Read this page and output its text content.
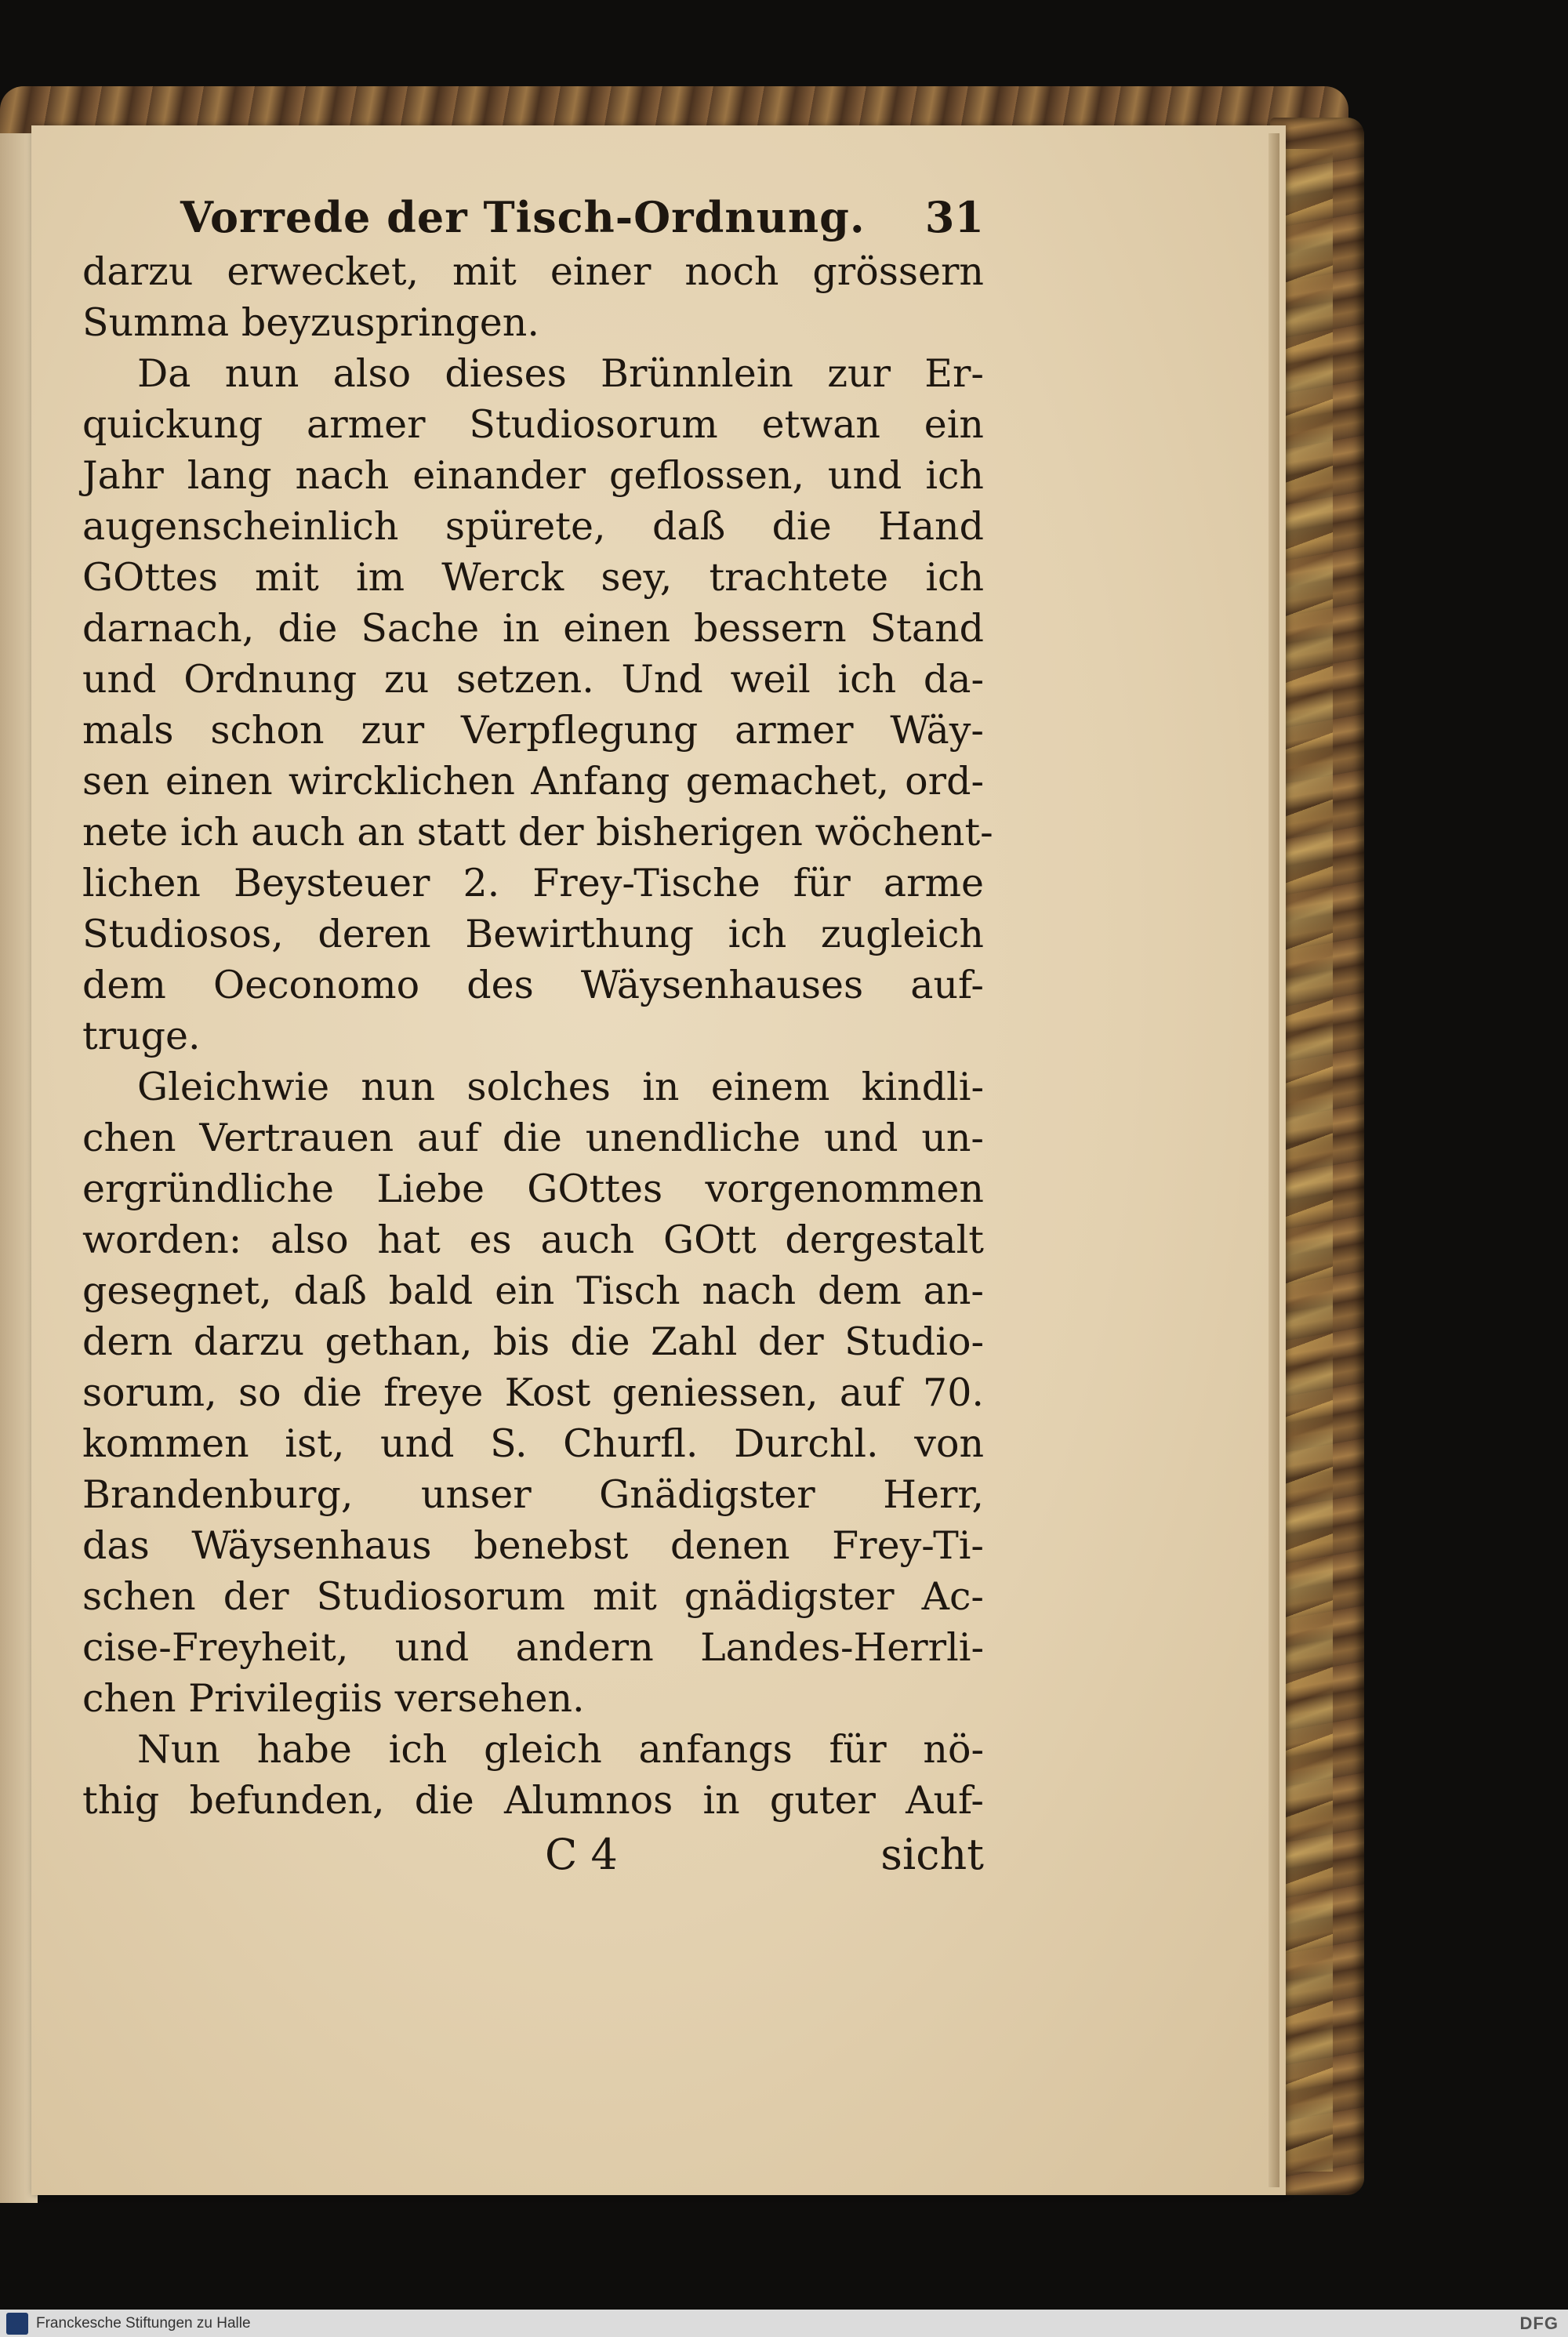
Vorrede der Tisch-Ordnung. 31
darzu erwecket, mit einer noch grössern
Summa beyzuspringen.
Da nun also dieses Brünnlein zur Er-
quickung armer Studiosorum etwan ein
Jahr lang nach einander geflossen, und ich
augenscheinlich spürete, daß die Hand
GOttes mit im Werck sey, trachtete ich
darnach, die Sache in einen bessern Stand
und Ordnung zu setzen. Und weil ich da-
mals schon zur Verpflegung armer Wäy-
sen einen wircklichen Anfang gemachet, ord-
nete ich auch an statt der bisherigen wöchent-
lichen Beysteuer 2. Frey-Tische für arme
Studiosos, deren Bewirthung ich zugleich
dem Oeconomo des Wäysenhauses auf-
truge.
Gleichwie nun solches in einem kindli-
chen Vertrauen auf die unendliche und un-
ergründliche Liebe GOttes vorgenommen
worden: also hat es auch GOtt dergestalt
gesegnet, daß bald ein Tisch nach dem an-
dern darzu gethan, bis die Zahl der Studio-
sorum, so die freye Kost geniessen, auf 70.
kommen ist, und S. Churfl. Durchl. von
Brandenburg, unser Gnädigster Herr,
das Wäysenhaus benebst denen Frey-Ti-
schen der Studiosorum mit gnädigster Ac-
cise-Freyheit, und andern Landes-Herrli-
chen Privilegiis versehen.
Nun habe ich gleich anfangs für nö-
thig befunden, die Alumnos in guter Auf-
C 4	sicht
Franckesche Stiftungen zu Halle	DFG
